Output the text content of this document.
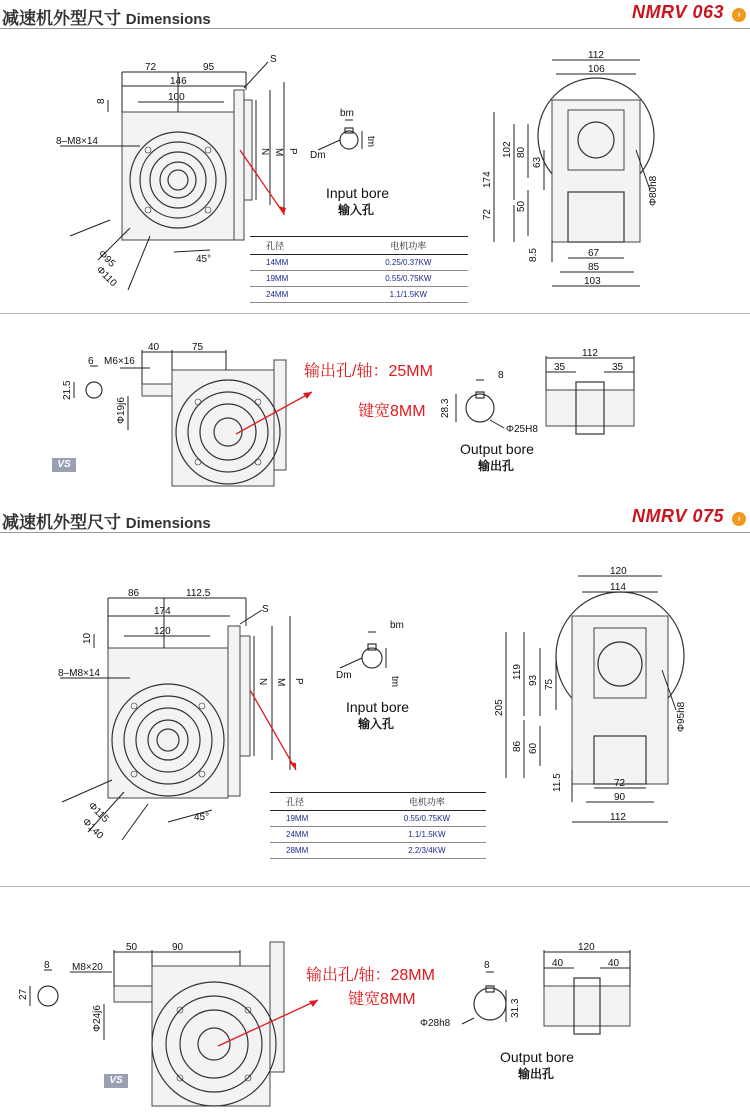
减速机外型尺寸 Dimensions	NMRV 063	›
72	95
146
100
8
8–M8×14
S
N M P
Φ95
Φ110
45°
bm
tm
Dm
Input bore
输入孔
112
106
174
102 80
63
72
50
8.5	67
85
103
Φ80h8
孔径	电机功率
14MM	0.25/0.37KW
19MM	0.55/0.75KW
24MM	1.1/1.5KW
6 M6×16
40	75
21.5
Φ19j6
输出孔/轴：25MM
键宽8MM
8
28.3
Φ25H8
Output bore
输出孔
112
35	35
VS
减速机外型尺寸 Dimensions	NMRV 075	›
86	112.5
174
120
10
8–M8×14
S
N M P
Φ115
Φ140	45°
bm
tm
Dm
Input bore
输入孔
120
114
205
119
93 75
86 60
11.5	72
90
112
Φ95h8
孔径	电机功率
19MM	0.55/0.75KW
24MM	1.1/1.5KW
28MM	2.2/3/4KW
8 M8×20
50	90
27
Φ24j6
输出孔/轴：28MM
键宽8MM
8
31.3
Φ28h8
Output bore
输出孔
120
40	40
VS
